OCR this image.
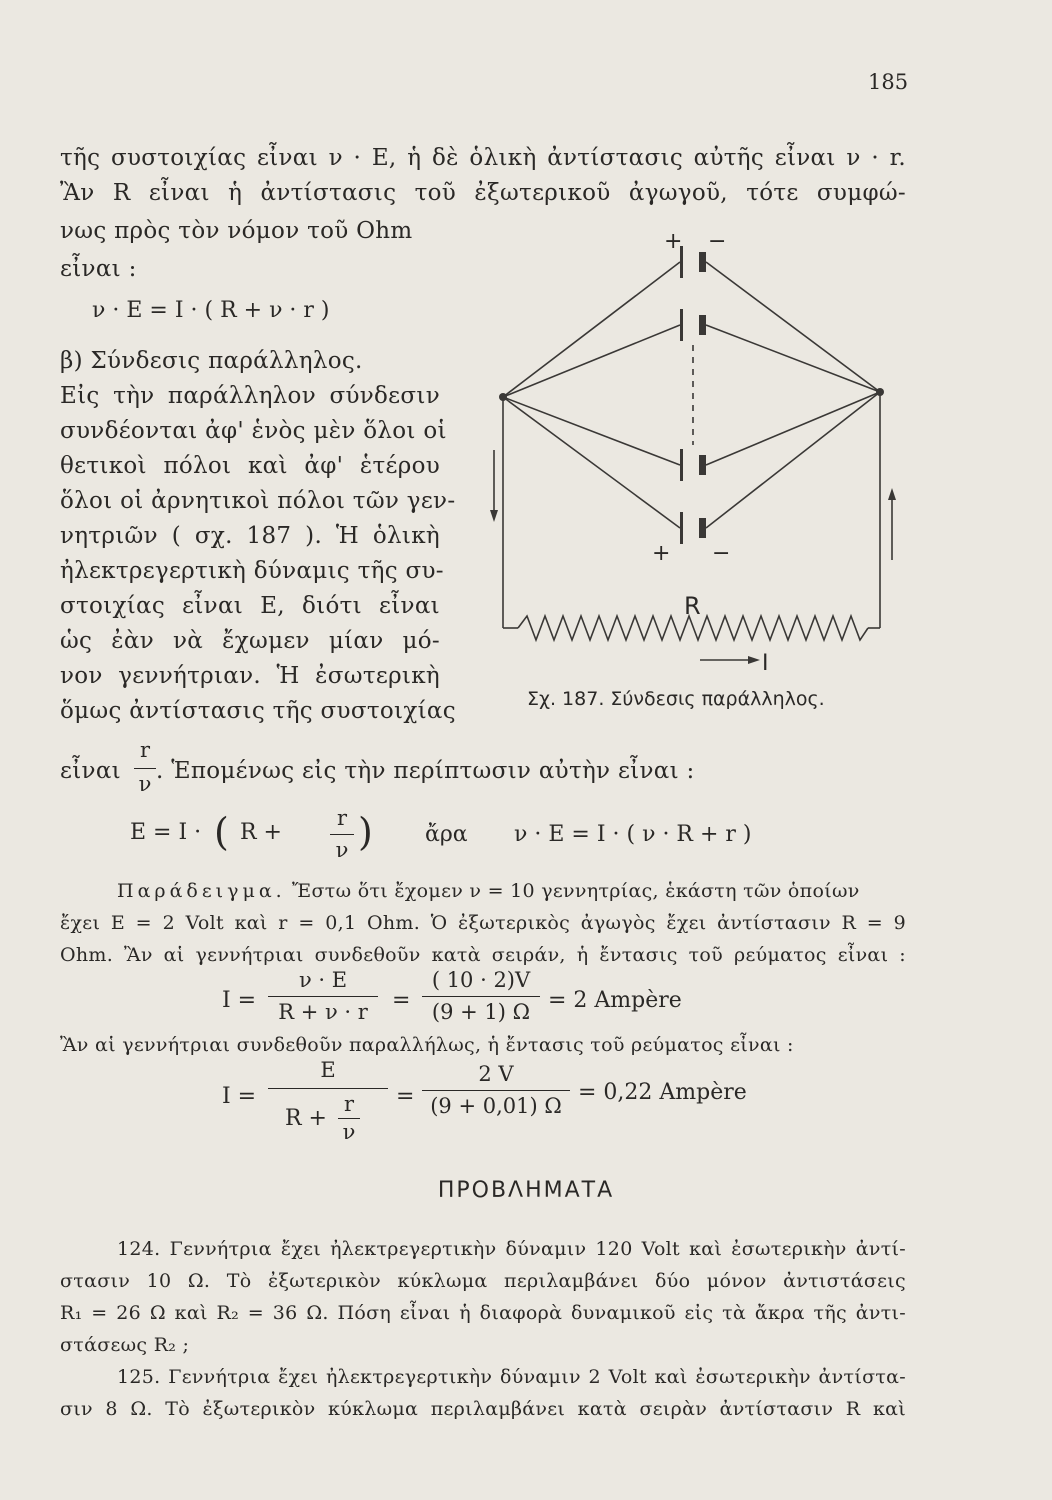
185
τῆς συστοιχίας εἶναι ν · Ε, ἡ δὲ ὁλικὴ ἀντίστασις αὐτῆς εἶναι ν · r.
Ἂν R εἶναι ἡ ἀντίστασις τοῦ ἐξωτερικοῦ ἀγωγοῦ, τότε συμφώ-
νως πρὸς τὸν νόμον τοῦ Ohm
εἶναι :
ν · Ε = I · ( R + ν · r )
β) Σύνδεσις παράλληλος.
Εἰς τὴν παράλληλον σύνδεσιν
συνδέονται ἀφ' ἑνὸς μὲν ὅλοι οἱ
θετικοὶ πόλοι καὶ ἀφ' ἑτέρου
ὅλοι οἱ ἀρνητικοὶ πόλοι τῶν γεν-
νητριῶν ( σχ. 187 ). Ἡ ὁλικὴ
ἠλεκτρεγερτικὴ δύναμις τῆς συ-
στοιχίας εἶναι Ε, διότι εἶναι
ὡς ἐὰν νὰ ἔχωμεν μίαν μό-
νον γεννήτριαν. Ἡ ἐσωτερικὴ
ὅμως ἀντίστασις τῆς συστοιχίας
εἶναι
r
ν . Ἑπομένως εἰς τὴν περίπτωσιν αὐτὴν εἶναι :
E = I · ( R +
r
ν ) ἄρα ν · E = I · ( ν · R + r )
+ −
+ −
R
I
Σχ. 187. Σύνδεσις παράλληλος.
Παράδειγμα. Ἔστω ὅτι ἔχομεν ν = 10 γεννητρίας, ἑκάστη τῶν ὁποίων
ἔχει Ε = 2 Volt καὶ r = 0,1 Ohm. Ὁ ἐξωτερικὸς ἀγωγὸς ἔχει ἀντίστασιν R = 9
Ohm. Ἂν αἱ γεννήτριαι συνδεθοῦν κατὰ σειράν, ἡ ἔντασις τοῦ ρεύματος εἶναι :
I =
ν · E
R + ν · r	=
( 10 · 2)V
(9 + 1) Ω = 2 Ampère
Ἂν αἱ γεννήτριαι συνδεθοῦν παραλλήλως, ἡ ἔντασις τοῦ ρεύματος εἶναι :
I =
E
R +
r
ν
=
2 V
(9 + 0,01) Ω
= 0,22 Ampère
ΠΡΟΒΛΗΜΑΤΑ
124. Γεννήτρια ἔχει ἠλεκτρεγερτικὴν δύναμιν 120 Volt καὶ ἐσωτερικὴν ἀντί-
στασιν 10 Ω. Τὸ ἐξωτερικὸν κύκλωμα περιλαμβάνει δύο μόνον ἀντιστάσεις
R₁ = 26 Ω καὶ R₂ = 36 Ω. Πόση εἶναι ἡ διαφορὰ δυναμικοῦ εἰς τὰ ἄκρα τῆς ἀντι-
στάσεως R₂ ;
125. Γεννήτρια ἔχει ἠλεκτρεγερτικὴν δύναμιν 2 Volt καὶ ἐσωτερικὴν ἀντίστα-
σιν 8 Ω. Τὸ ἐξωτερικὸν κύκλωμα περιλαμβάνει κατὰ σειρὰν ἀντίστασιν R καὶ
